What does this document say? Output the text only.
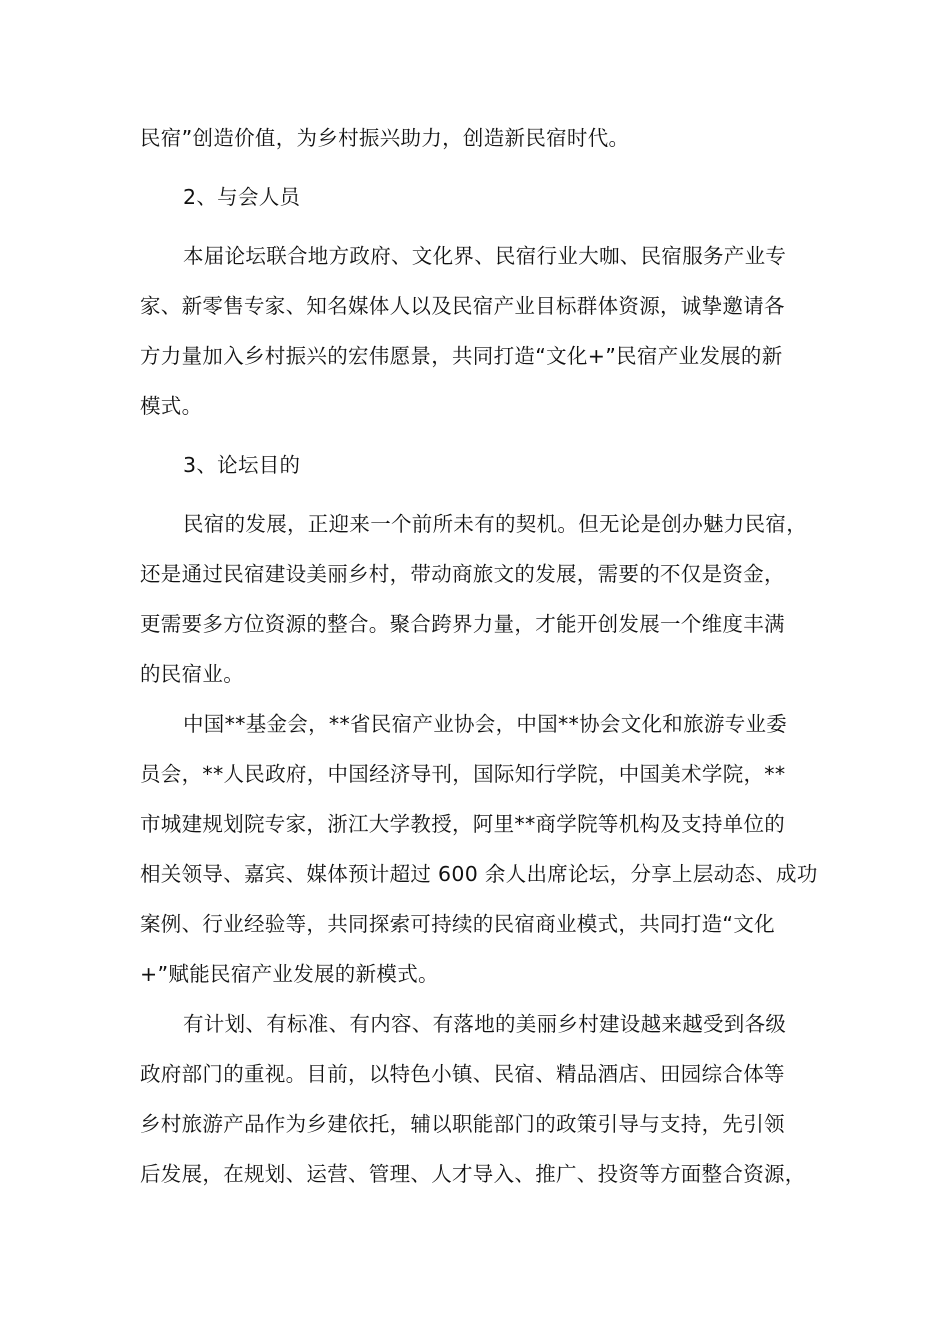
民宿”创造价值，为乡村振兴助力，创造新民宿时代。
2、与会人员
本届论坛联合地方政府、文化界、民宿行业大咖、民宿服务产业专
家、新零售专家、知名媒体人以及民宿产业目标群体资源，诚挚邀请各
方力量加入乡村振兴的宏伟愿景，共同打造“文化+”民宿产业发展的新
模式。
3、论坛目的
民宿的发展，正迎来一个前所未有的契机。但无论是创办魅力民宿，
还是通过民宿建设美丽乡村，带动商旅文的发展，需要的不仅是资金，
更需要多方位资源的整合。聚合跨界力量，才能开创发展一个维度丰满
的民宿业。
中国**基金会，**省民宿产业协会，中国**协会文化和旅游专业委
员会，**人民政府，中国经济导刊，国际知行学院，中国美术学院，**
市城建规划院专家，浙江大学教授，阿里**商学院等机构及支持单位的
相关领导、嘉宾、媒体预计超过 600 余人出席论坛，分享上层动态、成功
案例、行业经验等，共同探索可持续的民宿商业模式，共同打造“文化
+”赋能民宿产业发展的新模式。
有计划、有标准、有内容、有落地的美丽乡村建设越来越受到各级
政府部门的重视。目前，以特色小镇、民宿、精品酒店、田园综合体等
乡村旅游产品作为乡建依托，辅以职能部门的政策引导与支持，先引领
后发展，在规划、运营、管理、人才导入、推广、投资等方面整合资源，
